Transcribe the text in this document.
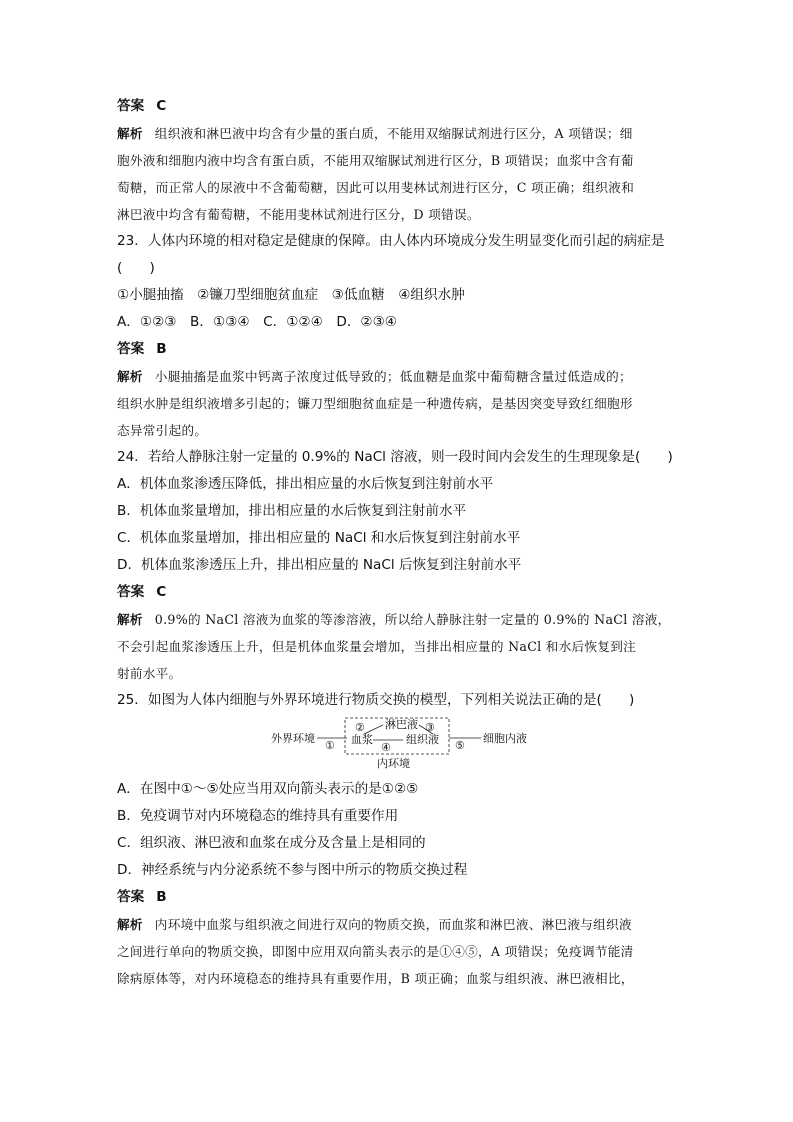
答案 C
解析 组织液和淋巴液中均含有少量的蛋白质，不能用双缩脲试剂进行区分，A 项错误；细
胞外液和细胞内液中均含有蛋白质，不能用双缩脲试剂进行区分，B 项错误；血浆中含有葡
萄糖，而正常人的尿液中不含葡萄糖，因此可以用斐林试剂进行区分，C 项正确；组织液和
淋巴液中均含有葡萄糖，不能用斐林试剂进行区分，D 项错误。
23．人体内环境的相对稳定是健康的保障。由人体内环境成分发生明显变化而引起的病症是
(　　)
①小腿抽搐　②镰刀型细胞贫血症　③低血糖　④组织水肿
A．①②③　B．①③④　C．①②④　D．②③④
答案 B
解析 小腿抽搐是血浆中钙离子浓度过低导致的；低血糖是血浆中葡萄糖含量过低造成的；
组织水肿是组织液增多引起的；镰刀型细胞贫血症是一种遗传病，是基因突变导致红细胞形
态异常引起的。
24．若给人静脉注射一定量的 0.9%的 NaCl 溶液，则一段时间内会发生的生理现象是(　　)
A．机体血浆渗透压降低，排出相应量的水后恢复到注射前水平
B．机体血浆量增加，排出相应量的水后恢复到注射前水平
C．机体血浆量增加，排出相应量的 NaCl 和水后恢复到注射前水平
D．机体血浆渗透压上升，排出相应量的 NaCl 后恢复到注射前水平
答案 C
解析 0.9%的 NaCl 溶液为血浆的等渗溶液，所以给人静脉注射一定量的 0.9%的 NaCl 溶液，
不会引起血浆渗透压上升，但是机体血浆量会增加，当排出相应量的 NaCl 和水后恢复到注
射前水平。
25．如图为人体内细胞与外界环境进行物质交换的模型，下列相关说法正确的是(　　)
外界环境
① 血浆
淋巴液
②	③
④
组织液 ⑤
细胞内液
内环境
A．在图中①～⑤处应当用双向箭头表示的是①②⑤
B．免疫调节对内环境稳态的维持具有重要作用
C．组织液、淋巴液和血浆在成分及含量上是相同的
D．神经系统与内分泌系统不参与图中所示的物质交换过程
答案 B
解析 内环境中血浆与组织液之间进行双向的物质交换，而血浆和淋巴液、淋巴液与组织液
之间进行单向的物质交换，即图中应用双向箭头表示的是①④⑤，A 项错误；免疫调节能清
除病原体等，对内环境稳态的维持具有重要作用，B 项正确；血浆与组织液、淋巴液相比，
